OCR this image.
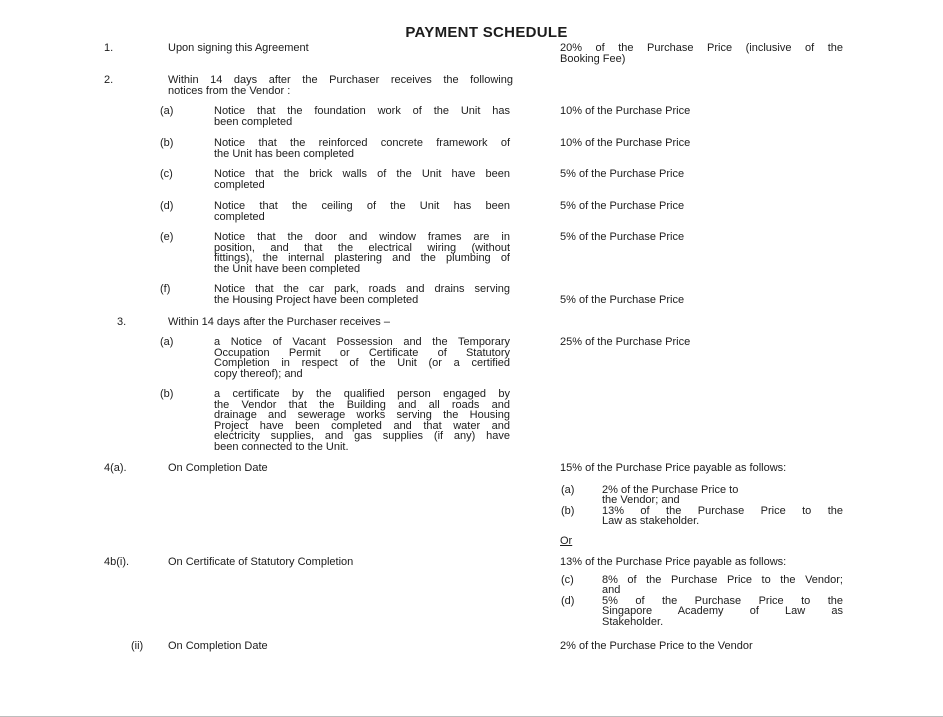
PAYMENT SCHEDULE
1.	Upon signing this Agreement	20% of the Purchase Price (inclusive of the
Booking Fee)
2.	Within 14 days after the Purchaser receives the following
notices from the Vendor :
(a)	Notice that the foundation work of the Unit has
been completed
10% of the Purchase Price
(b)	Notice that the reinforced concrete framework of
the Unit has been completed
10% of the Purchase Price
(c)	Notice that the brick walls of the Unit have been
completed
5% of the Purchase Price
(d)	Notice that the ceiling of the Unit has been
completed
5% of the Purchase Price
(e)	Notice that the door and window frames are in
position, and that the electrical wiring (without
fittings), the internal plastering and the plumbing of
the Unit have been completed
5% of the Purchase Price
(f)	Notice that the car park, roads and drains serving
the Housing Project have been completed	5% of the Purchase Price
3.	Within 14 days after the Purchaser receives –
(a)	a Notice of Vacant Possession and the Temporary
Occupation Permit or Certificate of Statutory
Completion in respect of the Unit (or a certified
copy thereof); and
25% of the Purchase Price
(b)	a certificate by the qualified person engaged by
the Vendor that the Building and all roads and
drainage and sewerage works serving the Housing
Project have been completed and that water and
electricity supplies, and gas supplies (if any) have
been connected to the Unit.
4(a).	On Completion Date	15% of the Purchase Price payable as follows:
(a)	2% of the Purchase Price to
the Vendor; and
(b)	13% of the Purchase Price to the
Law as stakeholder.
Or
4b(i).	On Certificate of Statutory Completion	13% of the Purchase Price payable as follows:
(c)	8% of the Purchase Price to the Vendor;
and
(d)	5% of the Purchase Price to the
Singapore Academy of Law as
Stakeholder.
(ii) On Completion Date	2% of the Purchase Price to the Vendor
